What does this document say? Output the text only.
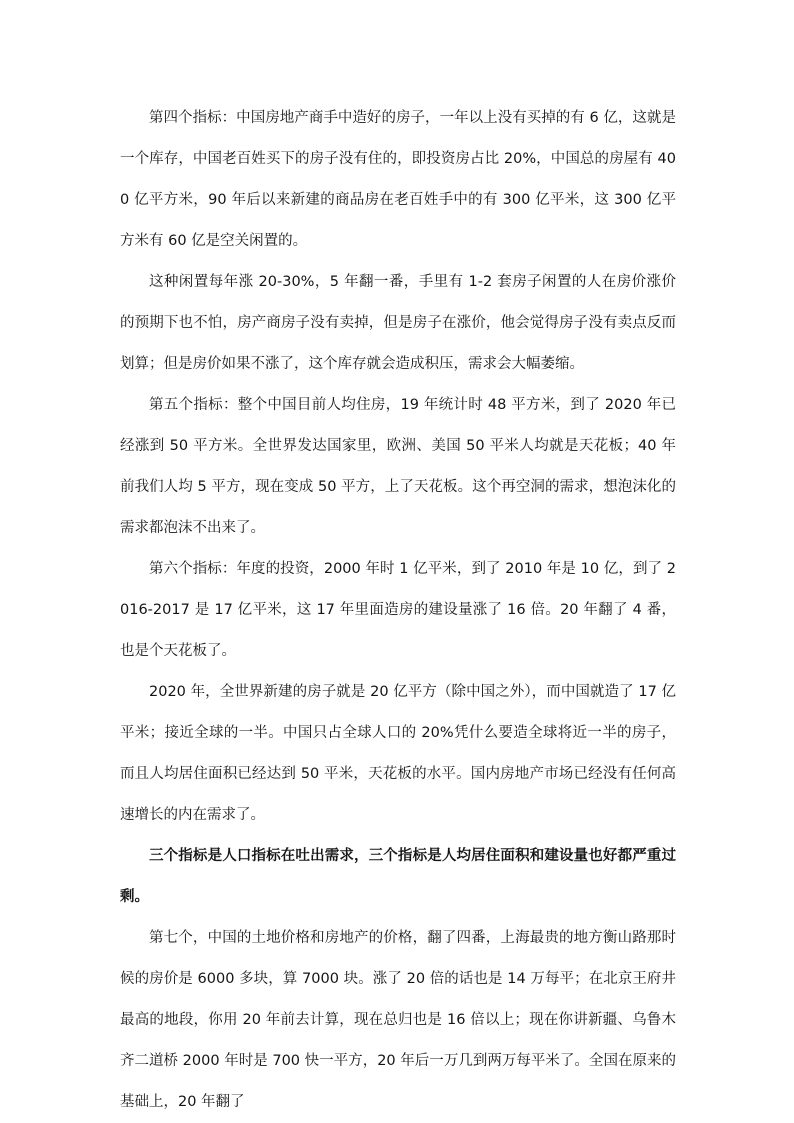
第四个指标：中国房地产商手中造好的房子，一年以上没有买掉的有 6 亿，这就是一个库存，中国老百姓买下的房子没有住的，即投资房占比 20%，中国总的房屋有 400 亿平方米，90 年后以来新建的商品房在老百姓手中的有 300 亿平米，这 300 亿平方米有 60 亿是空关闲置的。

这种闲置每年涨 20-30%，5 年翻一番，手里有 1-2 套房子闲置的人在房价涨价的预期下也不怕，房产商房子没有卖掉，但是房子在涨价，他会觉得房子没有卖点反而划算；但是房价如果不涨了，这个库存就会造成积压，需求会大幅萎缩。

第五个指标：整个中国目前人均住房，19 年统计时 48 平方米，到了 2020 年已经涨到 50 平方米。全世界发达国家里，欧洲、美国 50 平米人均就是天花板；40 年前我们人均 5 平方，现在变成 50 平方，上了天花板。这个再空洞的需求，想泡沫化的需求都泡沫不出来了。

第六个指标：年度的投资，2000 年时 1 亿平米，到了 2010 年是 10 亿，到了 2016-2017 是 17 亿平米，这 17 年里面造房的建设量涨了 16 倍。20 年翻了 4 番，也是个天花板了。

2020 年，全世界新建的房子就是 20 亿平方（除中国之外），而中国就造了 17 亿平米；接近全球的一半。中国只占全球人口的 20%凭什么要造全球将近一半的房子，而且人均居住面积已经达到 50 平米，天花板的水平。国内房地产市场已经没有任何高速增长的内在需求了。

三个指标是人口指标在吐出需求，三个指标是人均居住面积和建设量也好都严重过剩。

第七个，中国的土地价格和房地产的价格，翻了四番，上海最贵的地方衡山路那时候的房价是 6000 多块，算 7000 块。涨了 20 倍的话也是 14 万每平；在北京王府井最高的地段，你用 20 年前去计算，现在总归也是 16 倍以上；现在你讲新疆、乌鲁木齐二道桥 2000 年时是 700 快一平方，20 年后一万几到两万每平米了。全国在原来的基础上，20 年翻了
